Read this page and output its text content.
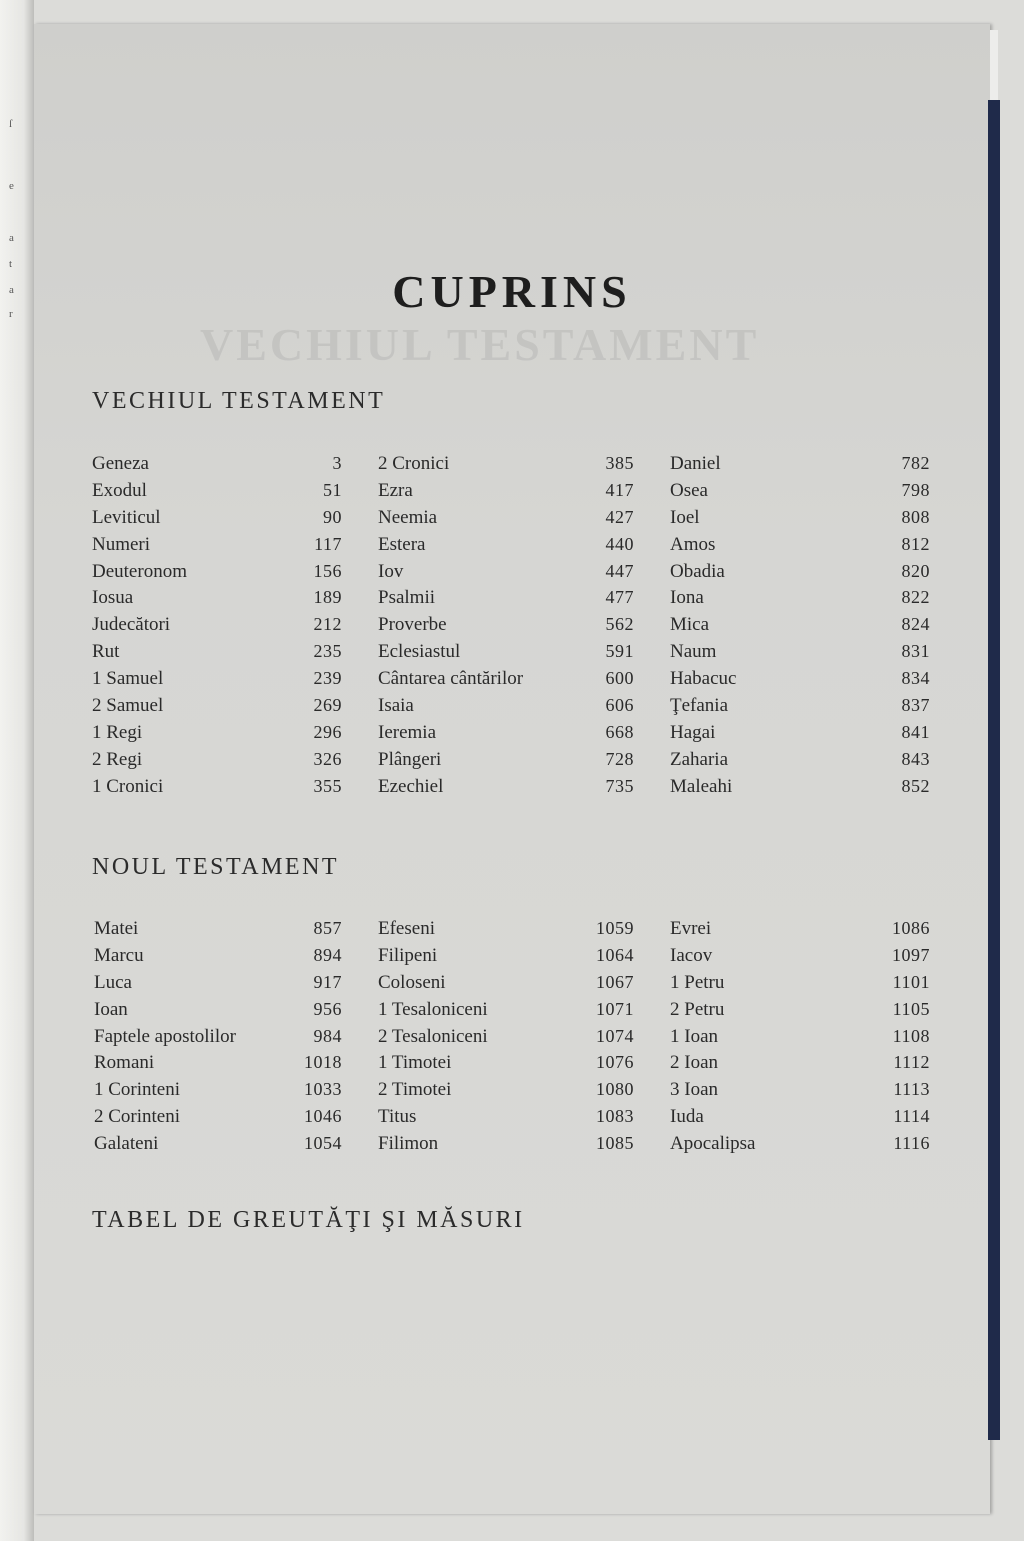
ſ
e
a
t
a
r
VECHIUL TESTAMENT
CUPRINS
VECHIUL TESTAMENT
Geneza	3
Exodul	51
Leviticul	90
Numeri	117
Deuteronom	156
Iosua	189
Judecători	212
Rut	235
1 Samuel	239
2 Samuel	269
1 Regi	296
2 Regi	326
1 Cronici	355
2 Cronici	385
Ezra	417
Neemia	427
Estera	440
Iov	447
Psalmii	477
Proverbe	562
Eclesiastul	591
Cântarea cântărilor	600
Isaia	606
Ieremia	668
Plângeri	728
Ezechiel	735
Daniel	782
Osea	798
Ioel	808
Amos	812
Obadia	820
Iona	822
Mica	824
Naum	831
Habacuc	834
Ţefania	837
Hagai	841
Zaharia	843
Maleahi	852
NOUL TESTAMENT
Matei	857
Marcu	894
Luca	917
Ioan	956
Faptele apostolilor	984
Romani	1018
1 Corinteni	1033
2 Corinteni	1046
Galateni	1054
Efeseni	1059
Filipeni	1064
Coloseni	1067
1 Tesaloniceni	1071
2 Tesaloniceni	1074
1 Timotei	1076
2 Timotei	1080
Titus	1083
Filimon	1085
Evrei	1086
Iacov	1097
1 Petru	1101
2 Petru	1105
1 Ioan	1108
2 Ioan	1112
3 Ioan	1113
Iuda	1114
Apocalipsa	1116
TABEL DE GREUTĂŢI ŞI MĂSURI
